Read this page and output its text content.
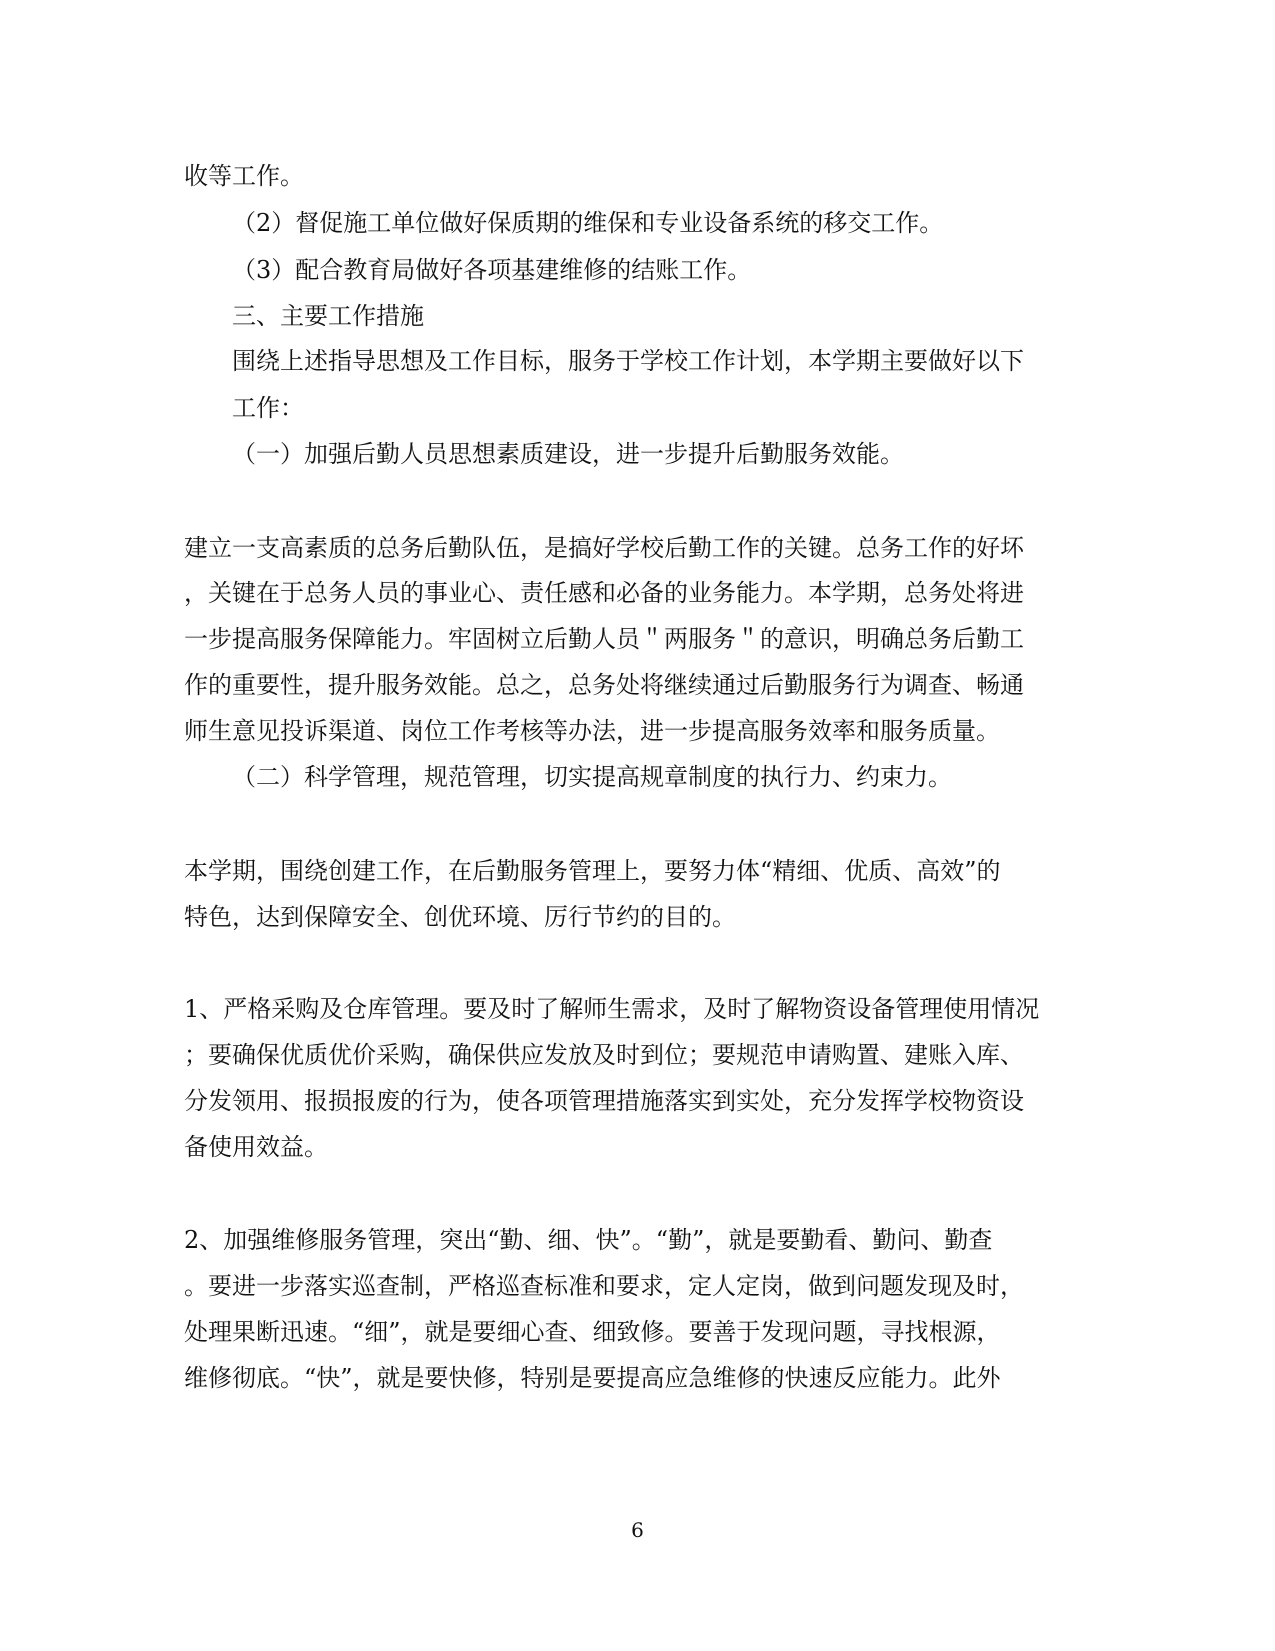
收等工作。
（2）督促施工单位做好保质期的维保和专业设备系统的移交工作。
（3）配合教育局做好各项基建维修的结账工作。
三、主要工作措施
围绕上述指导思想及工作目标，服务于学校工作计划，本学期主要做好以下
工作：
（一）加强后勤人员思想素质建设，进一步提升后勤服务效能。
建立一支高素质的总务后勤队伍，是搞好学校后勤工作的关键。总务工作的好坏
，关键在于总务人员的事业心、责任感和必备的业务能力。本学期，总务处将进
一步提高服务保障能力。牢固树立后勤人员＂两服务＂的意识，明确总务后勤工
作的重要性，提升服务效能。总之，总务处将继续通过后勤服务行为调查、畅通
师生意见投诉渠道、岗位工作考核等办法，进一步提高服务效率和服务质量。
（二）科学管理，规范管理，切实提高规章制度的执行力、约束力。
本学期，围绕创建工作，在后勤服务管理上，要努力体“精细、优质、高效”的
特色，达到保障安全、创优环境、厉行节约的目的。
1、严格采购及仓库管理。要及时了解师生需求，及时了解物资设备管理使用情况
；要确保优质优价采购，确保供应发放及时到位；要规范申请购置、建账入库、
分发领用、报损报废的行为，使各项管理措施落实到实处，充分发挥学校物资设
备使用效益。
2、加强维修服务管理，突出“勤、细、快”。“勤”，就是要勤看、勤问、勤查
。要进一步落实巡查制，严格巡查标准和要求，定人定岗，做到问题发现及时，
处理果断迅速。“细”，就是要细心查、细致修。要善于发现问题，寻找根源，
维修彻底。“快”，就是要快修，特别是要提高应急维修的快速反应能力。此外
6
